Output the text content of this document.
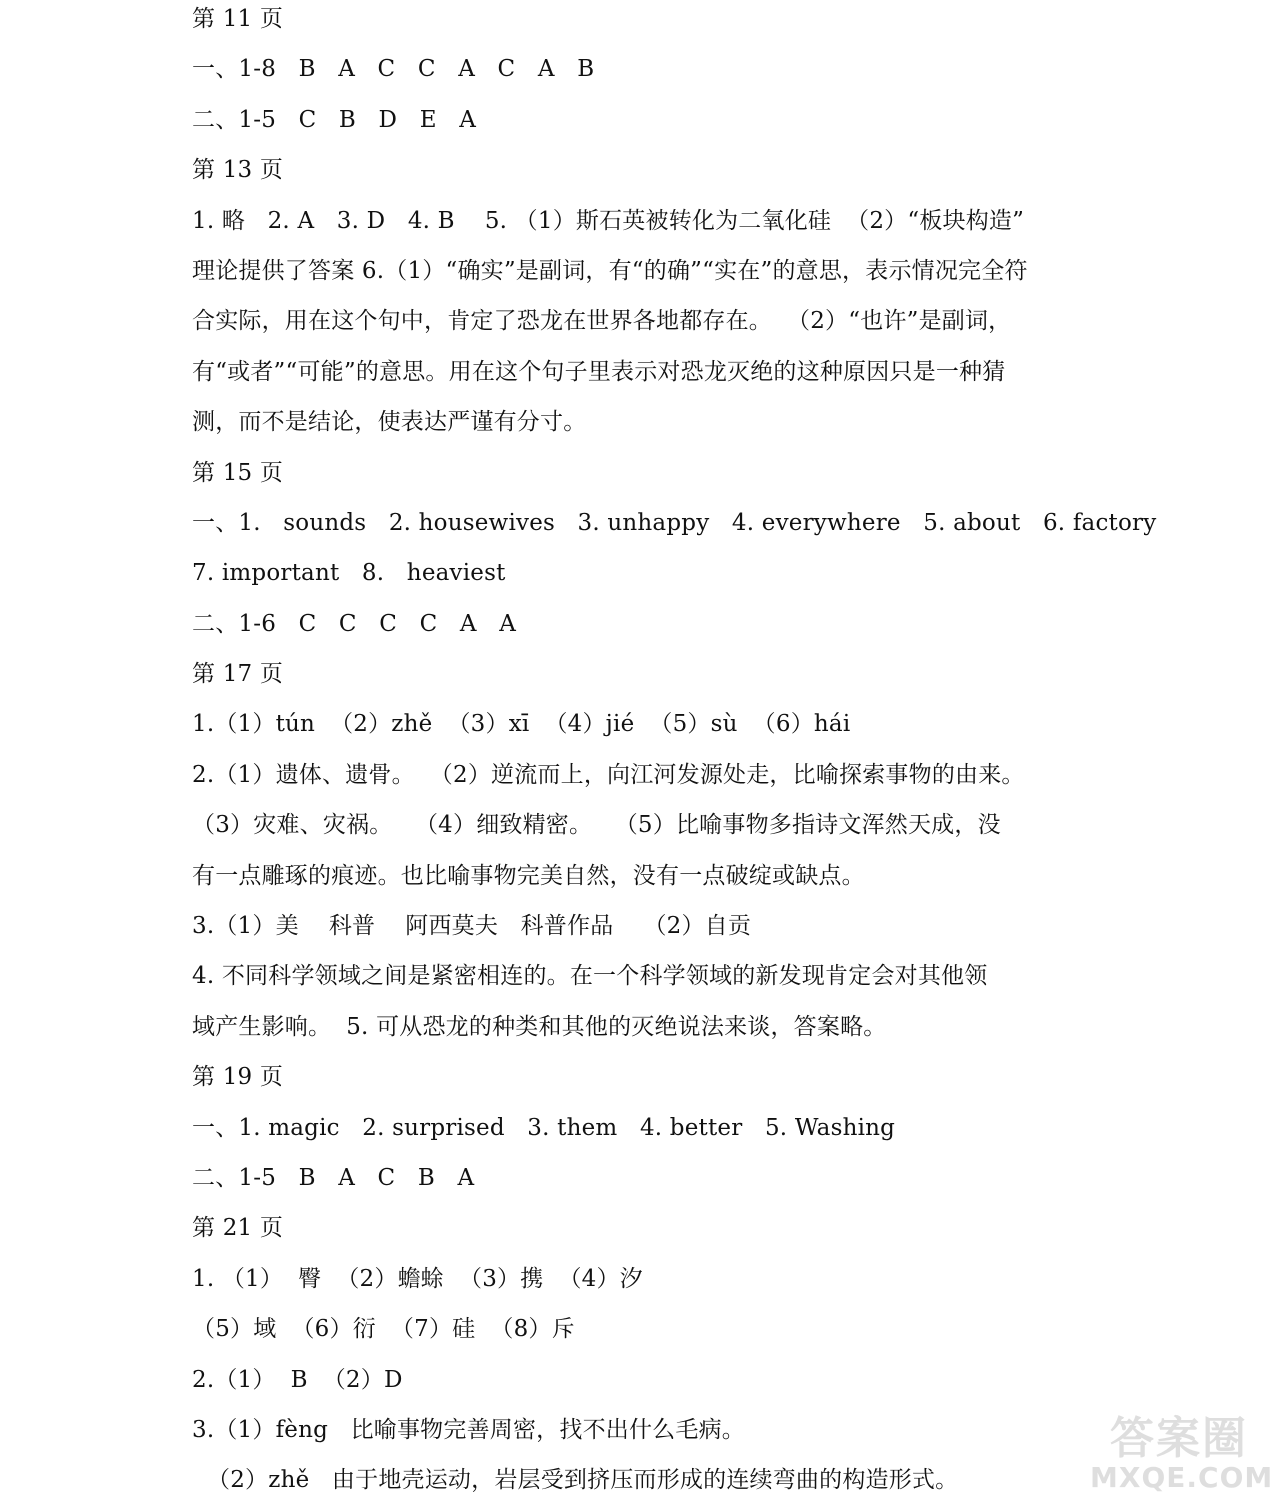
第 11 页
一、1-8   B   A   C   C   A   C   A   B
二、1-5   C   B   D   E   A
第 13 页
1. 略   2. A   3. D   4. B    5. （1）斯石英被转化为二氧化硅  （2）“板块构造”
理论提供了答案 6.（1）“确实”是副词，有“的确”“实在”的意思，表示情况完全符
合实际，用在这个句中，肯定了恐龙在世界各地都存在。  （2）“也许”是副词，
有“或者”“可能”的意思。用在这个句子里表示对恐龙灭绝的这种原因只是一种猜
测，而不是结论，使表达严谨有分寸。
第 15 页
一、1.   sounds   2. housewives   3. unhappy   4. everywhere   5. about   6. factory
7. important   8.   heaviest
二、1-6   C   C   C   C   A   A
第 17 页
1.（1）tún  （2）zhě  （3）xī  （4）jié  （5）sù  （6）hái
2.（1）遗体、遗骨。  （2）逆流而上，向江河发源处走，比喻探索事物的由来。
（3）灾难、灾祸。   （4）细致精密。   （5）比喻事物多指诗文浑然天成，没
有一点雕琢的痕迹。也比喻事物完美自然，没有一点破绽或缺点。
3.（1）美    科普    阿西莫夫   科普作品    （2）自贡
4. 不同科学领域之间是紧密相连的。在一个科学领域的新发现肯定会对其他领
域产生影响。  5. 可从恐龙的种类和其他的灭绝说法来谈，答案略。
第 19 页
一、1. magic   2. surprised   3. them   4. better   5. Washing
二、1-5   B   A   C   B   A
第 21 页
1. （1）  臀  （2）蟾蜍  （3）携  （4）汐
（5）域  （6）衍  （7）硅  （8）斥
2.（1）  B  （2）D
3.（1）fèng   比喻事物完善周密，找不出什么毛病。
（2）zhě   由于地壳运动，岩层受到挤压而形成的连续弯曲的构造形式。
答案圈
MXQE.COM
